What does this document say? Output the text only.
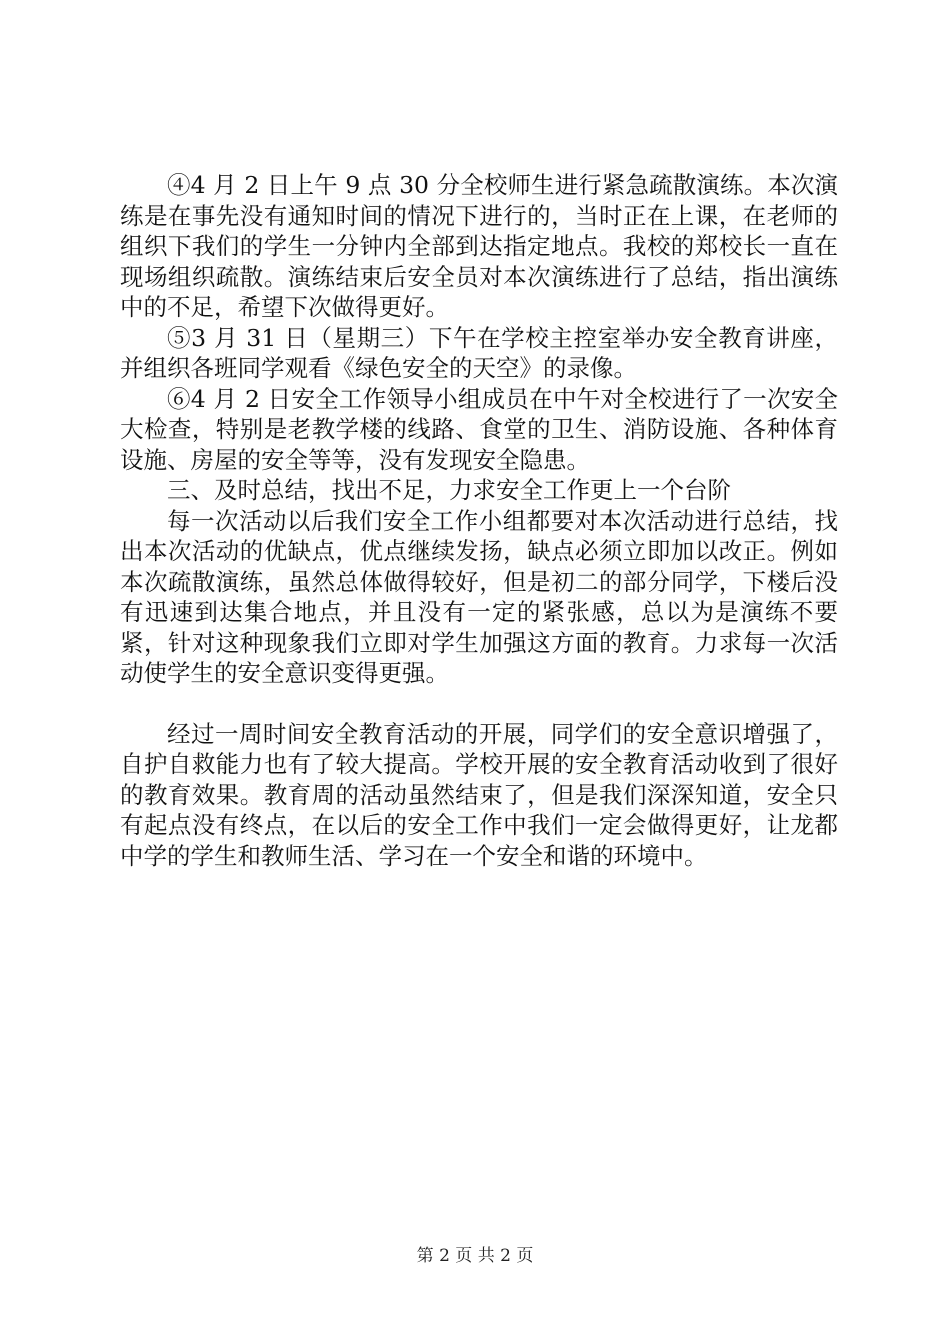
④4 月 2 日上午 9 点 30 分全校师生进行紧急疏散演练。本次演练是在事先没有通知时间的情况下进行的，当时正在上课，在老师的组织下我们的学生一分钟内全部到达指定地点。我校的郑校长一直在现场组织疏散。演练结束后安全员对本次演练进行了总结，指出演练中的不足，希望下次做得更好。

⑤3 月 31 日（星期三）下午在学校主控室举办安全教育讲座，并组织各班同学观看《绿色安全的天空》的录像。

⑥4 月 2 日安全工作领导小组成员在中午对全校进行了一次安全大检查，特别是老教学楼的线路、食堂的卫生、消防设施、各种体育设施、房屋的安全等等，没有发现安全隐患。

三、及时总结，找出不足，力求安全工作更上一个台阶

每一次活动以后我们安全工作小组都要对本次活动进行总结，找出本次活动的优缺点，优点继续发扬，缺点必须立即加以改正。例如本次疏散演练，虽然总体做得较好，但是初二的部分同学，下楼后没有迅速到达集合地点，并且没有一定的紧张感，总以为是演练不要紧，针对这种现象我们立即对学生加强这方面的教育。力求每一次活动使学生的安全意识变得更强。

经过一周时间安全教育活动的开展，同学们的安全意识增强了，自护自救能力也有了较大提高。学校开展的安全教育活动收到了很好的教育效果。教育周的活动虽然结束了，但是我们深深知道，安全只有起点没有终点，在以后的安全工作中我们一定会做得更好，让龙都中学的学生和教师生活、学习在一个安全和谐的环境中。

第 2 页 共 2 页
